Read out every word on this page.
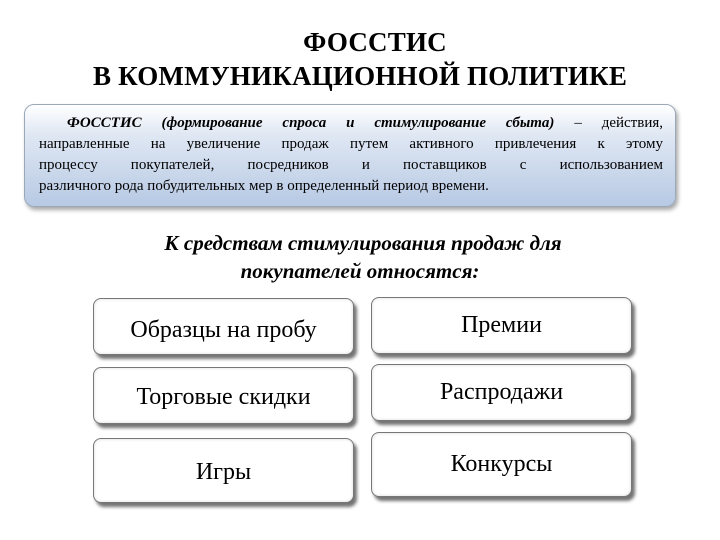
ФОССТИС
В КОММУНИКАЦИОННОЙ ПОЛИТИКЕ
ФОССТИС (формирование спроса и стимулирование сбыта) – действия,
направленные на увеличение продаж путем активного привлечения к этому
процессу покупателей, посредников и поставщиков с использованием
различного рода побудительных мер в определенный период времени.
К средствам стимулирования продаж для
покупателей относятся:
Образцы на пробу	Премии
Торговые скидки	Распродажи
Игры	Конкурсы
